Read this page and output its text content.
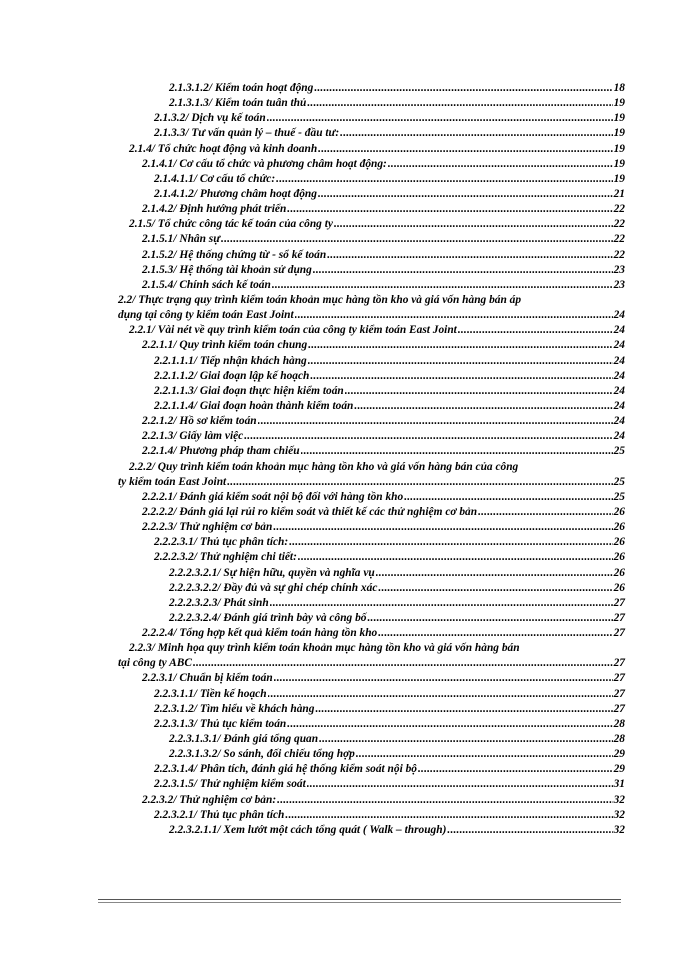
2.1.3.1.2/ Kiểm toán hoạt động .....	18
2.1.3.1.3/ Kiểm toán tuân thủ .....	19
2.1.3.2/ Dịch vụ kế toán .....	19
2.1.3.3/ Tư vấn quản lý – thuế - đầu tư: .....	19
2.1.4/ Tổ chức hoạt động và kinh doanh .....	19
2.1.4.1/ Cơ cấu tổ chức và phương châm hoạt động: .....	19
2.1.4.1.1/ Cơ cấu tổ chức: .....	19
2.1.4.1.2/ Phương châm hoạt động .....	21
2.1.4.2/ Định hướng phát triển .....	22
2.1.5/ Tổ chức công tác kế toán của công ty .....	22
2.1.5.1/ Nhân sự .....	22
2.1.5.2/ Hệ thống chứng từ - sổ kế toán .....	22
2.1.5.3/ Hệ thống tài khoản sử dụng .....	23
2.1.5.4/ Chính sách kế toán .....	23
2.2/ Thực trạng quy trình kiểm toán khoản mục hàng tồn kho và giá vốn hàng bán áp
dụng tại công ty kiểm toán East Joint .....	24
2.2.1/ Vài nét về quy trình kiểm toán của công ty kiểm toán East Joint .....	24
2.2.1.1/ Quy trình kiểm toán chung .....	24
2.2.1.1.1/ Tiếp nhận khách hàng .....	24
2.2.1.1.2/ Giai đoạn lập kế hoạch .....	24
2.2.1.1.3/ Giai đoạn thực hiện kiểm toán .....	24
2.2.1.1.4/ Giai đoạn hoàn thành kiểm toán .....	24
2.2.1.2/ Hồ sơ kiểm toán .....	24
2.2.1.3/ Giấy làm việc .....	24
2.2.1.4/ Phương pháp tham chiếu .....	25
2.2.2/ Quy trình kiểm toán khoản mục hàng tồn kho và giá vốn hàng bán của công
ty kiểm toán East Joint .....	25
2.2.2.1/ Đánh giá kiểm soát nội bộ đối với hàng tồn kho .....	25
2.2.2.2/ Đánh giá lại rủi ro kiểm soát và thiết kế các thử nghiệm cơ bản .....	26
2.2.2.3/ Thử nghiệm cơ bản .....	26
2.2.2.3.1/ Thủ tục phân tích: .....	26
2.2.2.3.2/ Thử nghiệm chi tiết: .....	26
2.2.2.3.2.1/ Sự hiện hữu, quyền và nghĩa vụ .....	26
2.2.2.3.2.2/ Đầy đủ và sự ghi chép chính xác .....	26
2.2.2.3.2.3/ Phát sinh .....	27
2.2.2.3.2.4/ Đánh giá trình bày và công bố .....	27
2.2.2.4/ Tổng hợp kết quả kiểm toán hàng tồn kho .....	27
2.2.3/ Minh họa quy trình kiểm toán khoản mục hàng tồn kho và giá vốn hàng bán
tại công ty ABC .....	27
2.2.3.1/ Chuẩn bị kiểm toán .....	27
2.2.3.1.1/ Tiền kế hoạch .....	27
2.2.3.1.2/ Tìm hiểu về khách hàng .....	27
2.2.3.1.3/ Thủ tục kiểm toán .....	28
2.2.3.1.3.1/ Đánh giá tổng quan .....	28
2.2.3.1.3.2/ So sánh, đối chiếu tổng hợp .....	29
2.2.3.1.4/ Phân tích, đánh giá hệ thống kiểm soát nội bộ .....	29
2.2.3.1.5/ Thử nghiệm kiểm soát .....	31
2.2.3.2/ Thử nghiệm cơ bản: .....	32
2.2.3.2.1/ Thủ tục phân tích .....	32
2.2.3.2.1.1/ Xem lướt một cách tổng quát ( Walk – through) .....	32
